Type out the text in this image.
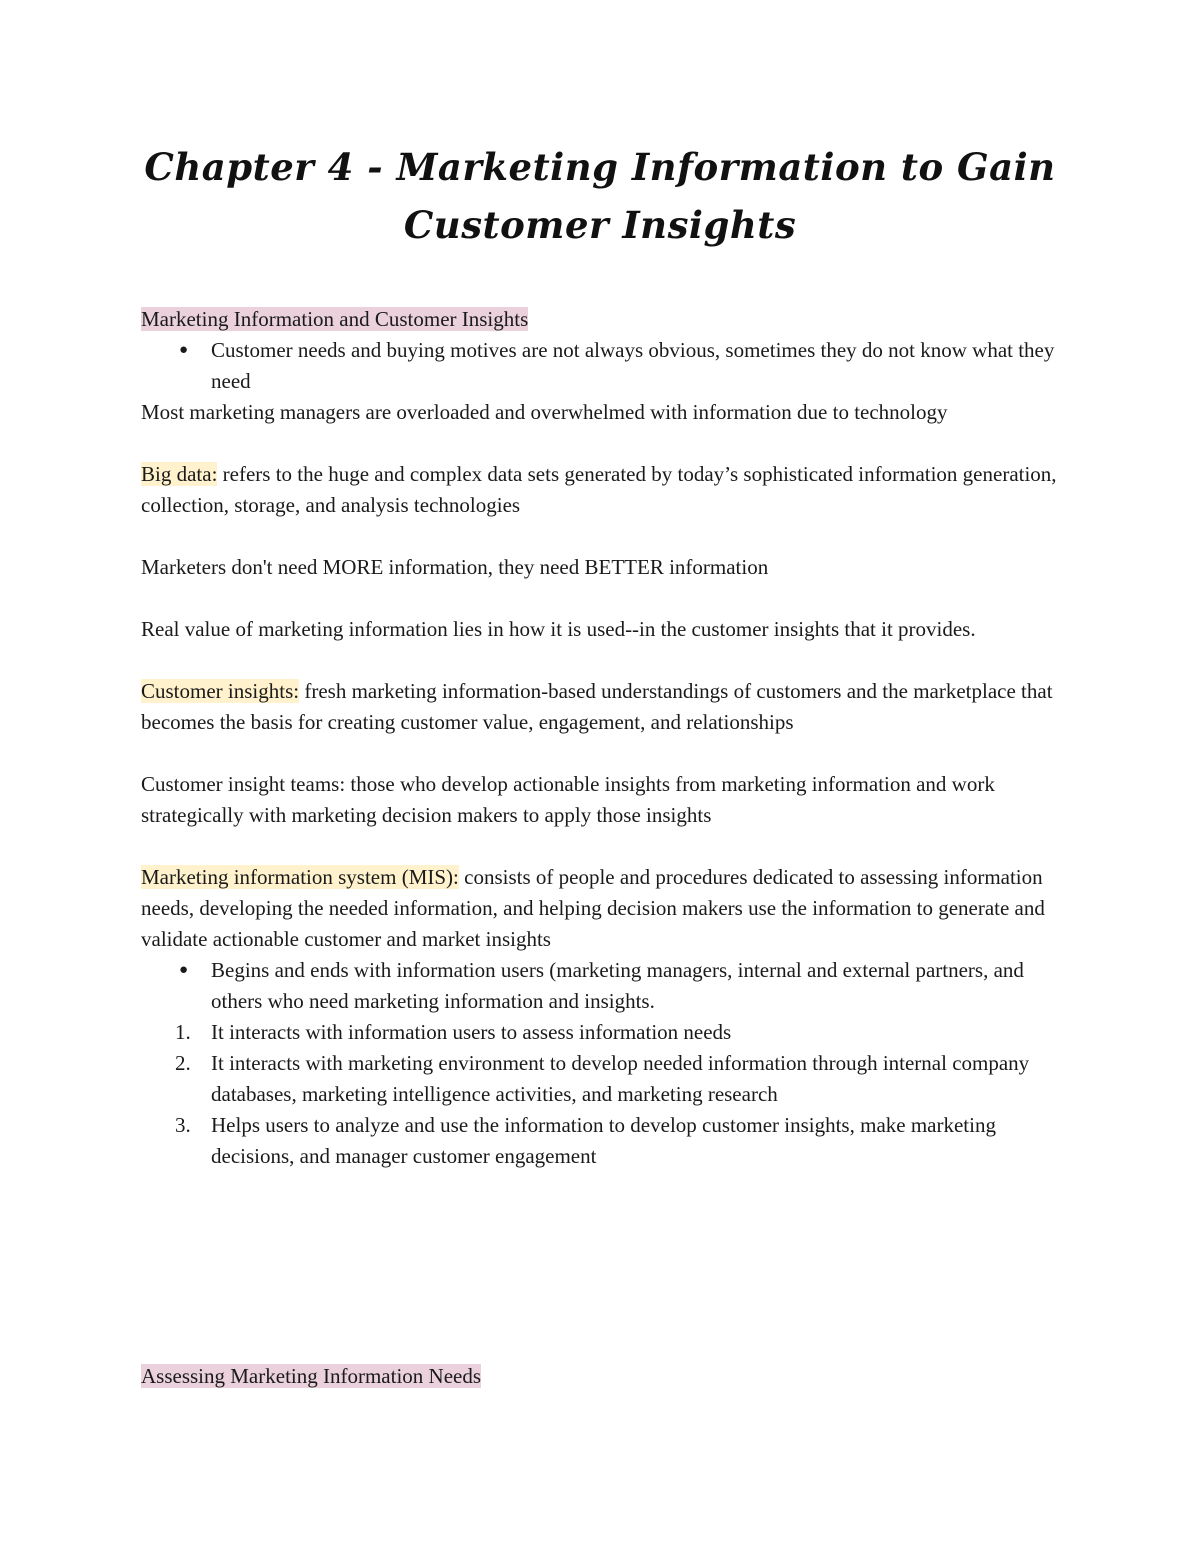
Chapter 4 - Marketing Information to Gain
Customer Insights

Marketing Information and Customer Insights

● Customer needs and buying motives are not always obvious, sometimes they do not know what they need

Most marketing managers are overloaded and overwhelmed with information due to technology

Big data: refers to the huge and complex data sets generated by today’s sophisticated information generation, collection, storage, and analysis technologies

Marketers don't need MORE information, they need BETTER information

Real value of marketing information lies in how it is used--in the customer insights that it provides.

Customer insights: fresh marketing information-based understandings of customers and the marketplace that becomes the basis for creating customer value, engagement, and relationships

Customer insight teams: those who develop actionable insights from marketing information and work strategically with marketing decision makers to apply those insights

Marketing information system (MIS): consists of people and procedures dedicated to assessing information needs, developing the needed information, and helping decision makers use the information to generate and validate actionable customer and market insights

● Begins and ends with information users (marketing managers, internal and external partners, and others who need marketing information and insights.
1. It interacts with information users to assess information needs
2. It interacts with marketing environment to develop needed information through internal company databases, marketing intelligence activities, and marketing research
3. Helps users to analyze and use the information to develop customer insights, make marketing decisions, and manager customer engagement

Assessing Marketing Information Needs
